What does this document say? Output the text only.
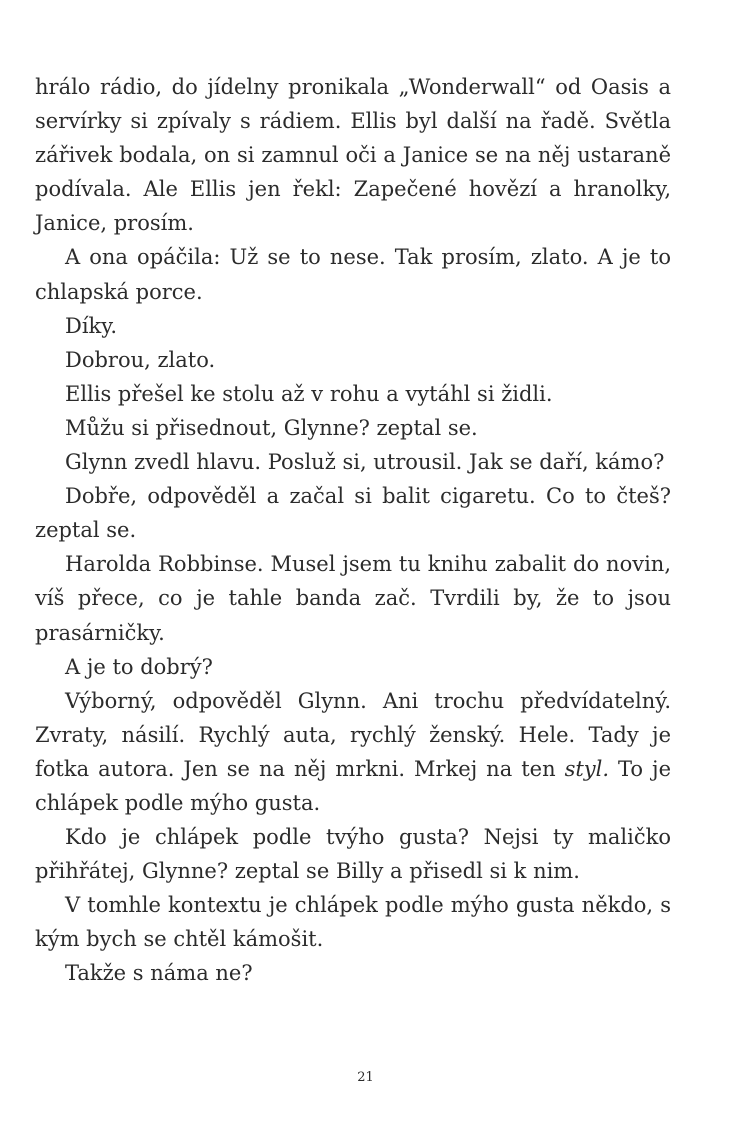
hrálo rádio, do jídelny pronikala „Wonderwall“ od Oasis a servírky si zpívaly s rádiem. Ellis byl další na řadě. Světla zářivek bodala, on si zamnul oči a Janice se na něj ustaraně podívala. Ale Ellis jen řekl: Zapečené hovězí a hranolky, Janice, prosím.

A ona opáčila: Už se to nese. Tak prosím, zlato. A je to chlapská porce.

Díky.

Dobrou, zlato.

Ellis přešel ke stolu až v rohu a vytáhl si židli.

Můžu si přisednout, Glynne? zeptal se.

Glynn zvedl hlavu. Posluž si, utrousil. Jak se daří, kámo?

Dobře, odpověděl a začal si balit cigaretu. Co to čteš? zeptal se.

Harolda Robbinse. Musel jsem tu knihu zabalit do novin, víš přece, co je tahle banda zač. Tvrdili by, že to jsou prasárničky.

A je to dobrý?

Výborný, odpověděl Glynn. Ani trochu předvídatelný. Zvraty, násilí. Rychlý auta, rychlý ženský. Hele. Tady je fotka autora. Jen se na něj mrkni. Mrkej na ten styl. To je chlápek podle mýho gusta.

Kdo je chlápek podle tvýho gusta? Nejsi ty maličko přihřátej, Glynne? zeptal se Billy a přisedl si k nim.

V tomhle kontextu je chlápek podle mýho gusta někdo, s kým bych se chtěl kámošit.

Takže s náma ne?

21
